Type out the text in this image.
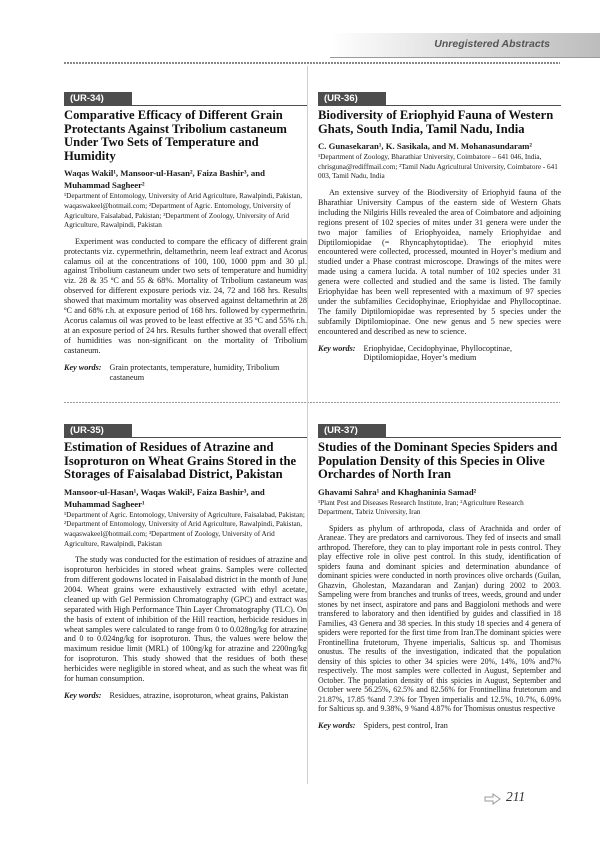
Unregistered Abstracts
(UR-34)
Comparative Efficacy of Different Grain Protectants Against Tribolium castaneum Under Two Sets of Temperature and Humidity
Waqas Wakil¹, Mansoor-ul-Hasan², Faiza Bashir³, and Muhammad Sagheer²
¹Department of Entomology, University of Arid Agriculture, Rawalpindi, Pakistan, waqaswakeel@hotmail.com; ²Department of Agric. Entomology, University of Agriculture, Faisalabad, Pakistan; ³Department of Zoology, University of Arid Agriculture, Rawalpindi, Pakistan
Experiment was conducted to compare the efficacy of different grain protectants viz. cypermethrin, deltamethrin, neem leaf extract and Acorus calamus oil at the concentrations of 100, 100, 1000 ppm and 30 µl. against Tribolium castaneum under two sets of temperature and humidity viz. 28 & 35 ºC and 55 & 68%. Mortality of Tribolium castaneum was observed for different exposure periods viz. 24, 72 and 168 hrs. Results showed that maximum mortality was observed against deltamethrin at 28 ºC and 68% r.h. at exposure period of 168 hrs. followed by cypermethrin. Acorus calamus oil was proved to be least effective at 35 ºC and 55% r.h. at an exposure period of 24 hrs. Results further showed that overall effect of humidities was non-significant on the mortality of Tribolium castaneum.
Key words: Grain protectants, temperature, humidity, Tribolium castaneum
(UR-36)
Biodiversity of Eriophyid Fauna of Western Ghats, South India, Tamil Nadu, India
C. Gunasekaran¹, K. Sasikala, and M. Mohanasundaram²
¹Department of Zoology, Bharathiar University, Coimbatore – 641 046, India, chrisguna@rediffmail.com; ²Tamil Nadu Agricultural University, Coimbatore - 641 003, Tamil Nadu, India
An extensive survey of the Biodiversity of Eriophyid fauna of the Bharathiar University Campus of the eastern side of Western Ghats including the Nilgiris Hills revealed the area of Coimbatore and adjoining regions present of 102 species of mites under 31 genera were under the two major families of Eriophyoidea, namely Eriophyidae and Diptilomiopidae (= Rhyncaphytoptidae). The eriophyid mites encountered were collected, processed, mounted in Hoyer’s medium and studied under a Phase contrast microscope. Drawings of the mites were made using a camera lucida. A total number of 102 species under 31 genera were collected and studied and the same is listed. The family Eriophyidae has been well represented with a maximum of 97 species under the subfamilies Cecidophyinae, Eriophyidae and Phyllocoptinae. The family Diptilomiopidae was represented by 5 species under the subfamily Diptilomiopinae. One new genus and 5 new species were encountered and described as new to science.
Key words: Eriophyidae, Cecidophyinae, Phyllocoptinae, Diptilomiopidae, Hoyer’s medium
(UR-35)
Estimation of Residues of Atrazine and Isoproturon on Wheat Grains Stored in the Storages of Faisalabad District, Pakistan
Mansoor-ul-Hasan¹, Waqas Wakil², Faiza Bashir³, and Muhammad Sagheer¹
¹Department of Agric. Entomology, University of Agriculture, Faisalabad, Pakistan; ²Department of Entomology, University of Arid Agriculture, Rawalpindi, Pakistan, waqaswakeel@hotmail.com; ³Department of Zoology, University of Arid Agriculture, Rawalpindi, Pakistan
The study was conducted for the estimation of residues of atrazine and isoproturon herbicides in stored wheat grains. Samples were collected from different godowns located in Faisalabad district in the month of June 2004. Wheat grains were exhaustively extracted with ethyl acetate, cleaned up with Gel Permission Chromatography (GPC) and extract was separated with High Performance Thin Layer Chromatography (TLC). On the basis of extent of inhibition of the Hill reaction, herbicide residues in wheat samples were calculated to range from 0 to 0.028ng/kg for atrazine and 0 to 0.024ng/kg for isoproturon. Thus, the values were below the maximum residue limit (MRL) of 100ng/kg for atrazine and 2200ng/kg for isoproturon. This study showed that the residues of both these herbicides were negligible in stored wheat, and as such the wheat was fit for human consumption.
Key words: Residues, atrazine, isoproturon, wheat grains, Pakistan
(UR-37)
Studies of the Dominant Species Spiders and Population Density of this Species in Olive Orchardes of North Iran
Ghavami Sahra¹ and Khaghaninia Samad²
¹Plant Pest and Diseases Research Institute, Iran; ²Agriculture Research Department, Tabriz University, Iran
Spiders as phylum of arthropoda, class of Arachnida and order of Araneae. They are predators and carnivorous. They fed of insects and small arthropod. Therefore, they can to play important role in pests control. They play effective role in olive pest control. In this study, identification of spiders fauna and dominant spicies and determination abundance of dominant spicies were conducted in north provinces olive orchards (Guilan, Ghazvin, Gholestan, Mazandaran and Zanjan) during 2002 to 2003. Sampeling were from branches and trunks of trees, weeds, ground and under stones by net insect, aspiratore and pans and Baggioloni methods and were transfered to laboratory and then identified by guides and classified in 18 Families, 43 Genera and 38 species. In this study 18 species and 4 genera of spiders were reported for the first time from Iran.The dominant spicies were Frontinellina frutetorum, Thyene imperialis, Salticus sp. and Thomisus onustus. The results of the investigation, indicated that the population density of this spicies to other 34 spicies were 20%, 14%, 10% and7% respectively. The most samples were collected in August, September and October. The population density of this spicies in August, September and October were 56.25%, 62.5% and 82.56% for Frontinellina frutetorum and 21.87%, 17.85 %and 7.3% for Thyen imperialis and 12.5%, 10.7%, 6.09% for Salticus sp. and 9.38%, 9 %and 4.87% for Thomisus onustus respective
Key words: Spiders, pest control, Iran
211
